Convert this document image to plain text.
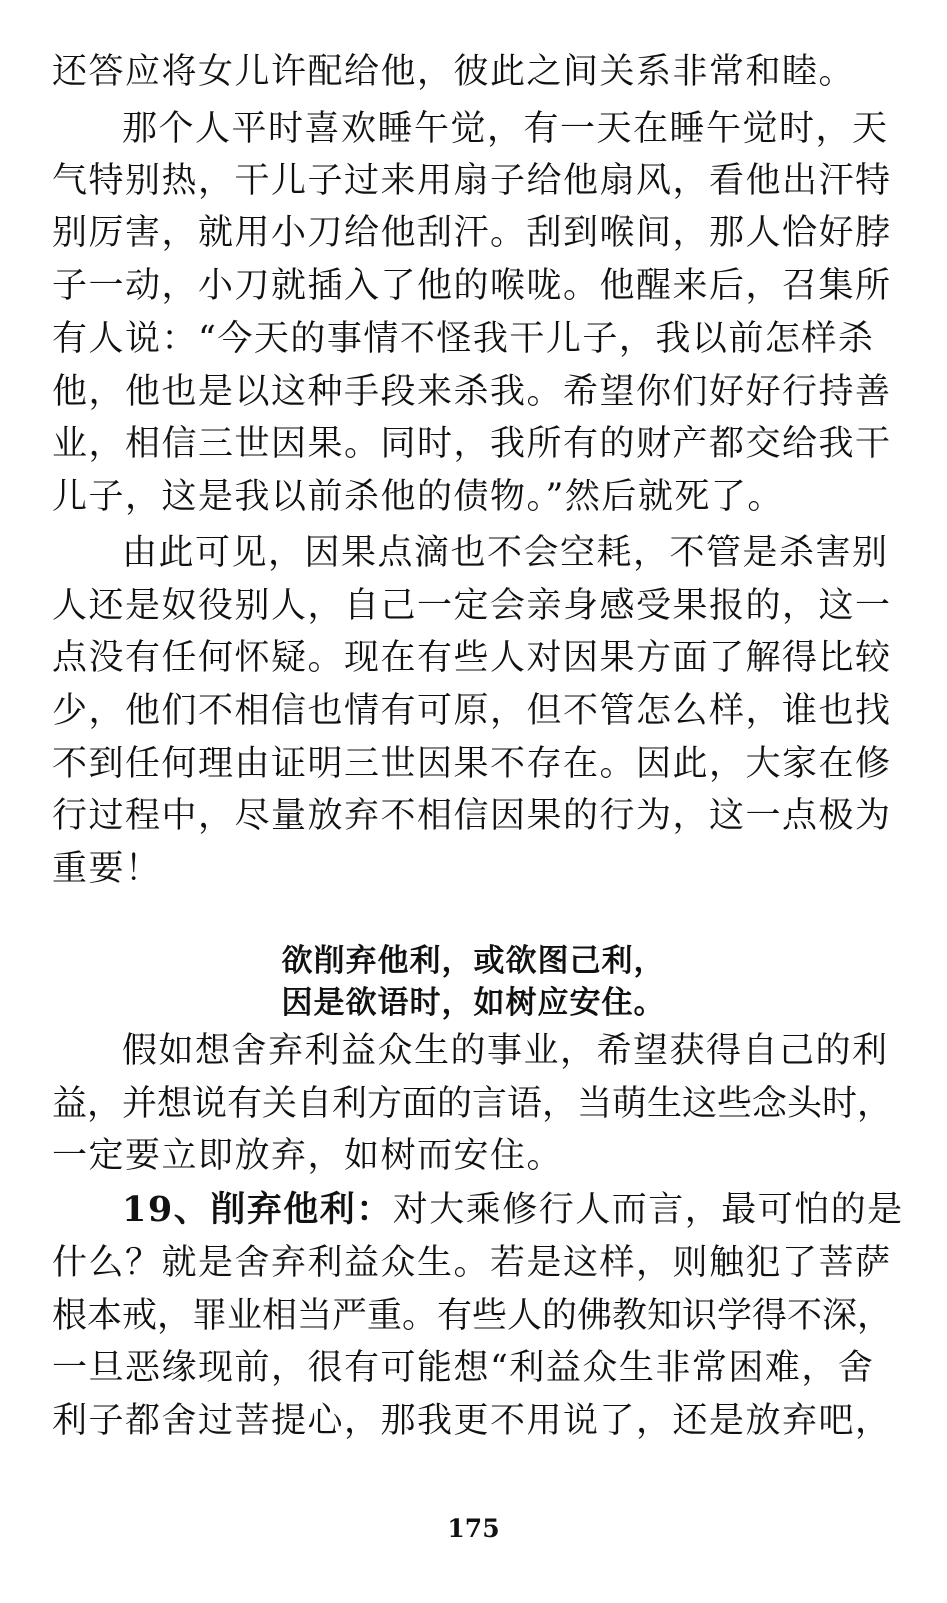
还答应将女儿许配给他，彼此之间关系非常和睦。
那个人平时喜欢睡午觉，有一天在睡午觉时，天
气特别热，干儿子过来用扇子给他扇风，看他出汗特
别厉害，就用小刀给他刮汗。刮到喉间，那人恰好脖
子一动，小刀就插入了他的喉咙。他醒来后，召集所
有人说：“今天的事情不怪我干儿子，我以前怎样杀
他，他也是以这种手段来杀我。希望你们好好行持善
业，相信三世因果。同时，我所有的财产都交给我干
儿子，这是我以前杀他的债物。”然后就死了。
由此可见，因果点滴也不会空耗，不管是杀害别
人还是奴役别人，自己一定会亲身感受果报的，这一
点没有任何怀疑。现在有些人对因果方面了解得比较
少，他们不相信也情有可原，但不管怎么样，谁也找
不到任何理由证明三世因果不存在。因此，大家在修
行过程中，尽量放弃不相信因果的行为，这一点极为
重要！
欲削弃他利，或欲图己利，
因是欲语时，如树应安住。
假如想舍弃利益众生的事业，希望获得自己的利
益，并想说有关自利方面的言语，当萌生这些念头时，
一定要立即放弃，如树而安住。
19、削弃他利：对大乘修行人而言，最可怕的是
什么？就是舍弃利益众生。若是这样，则触犯了菩萨
根本戒，罪业相当严重。有些人的佛教知识学得不深，
一旦恶缘现前，很有可能想“利益众生非常困难，舍
利子都舍过菩提心，那我更不用说了，还是放弃吧，
175
